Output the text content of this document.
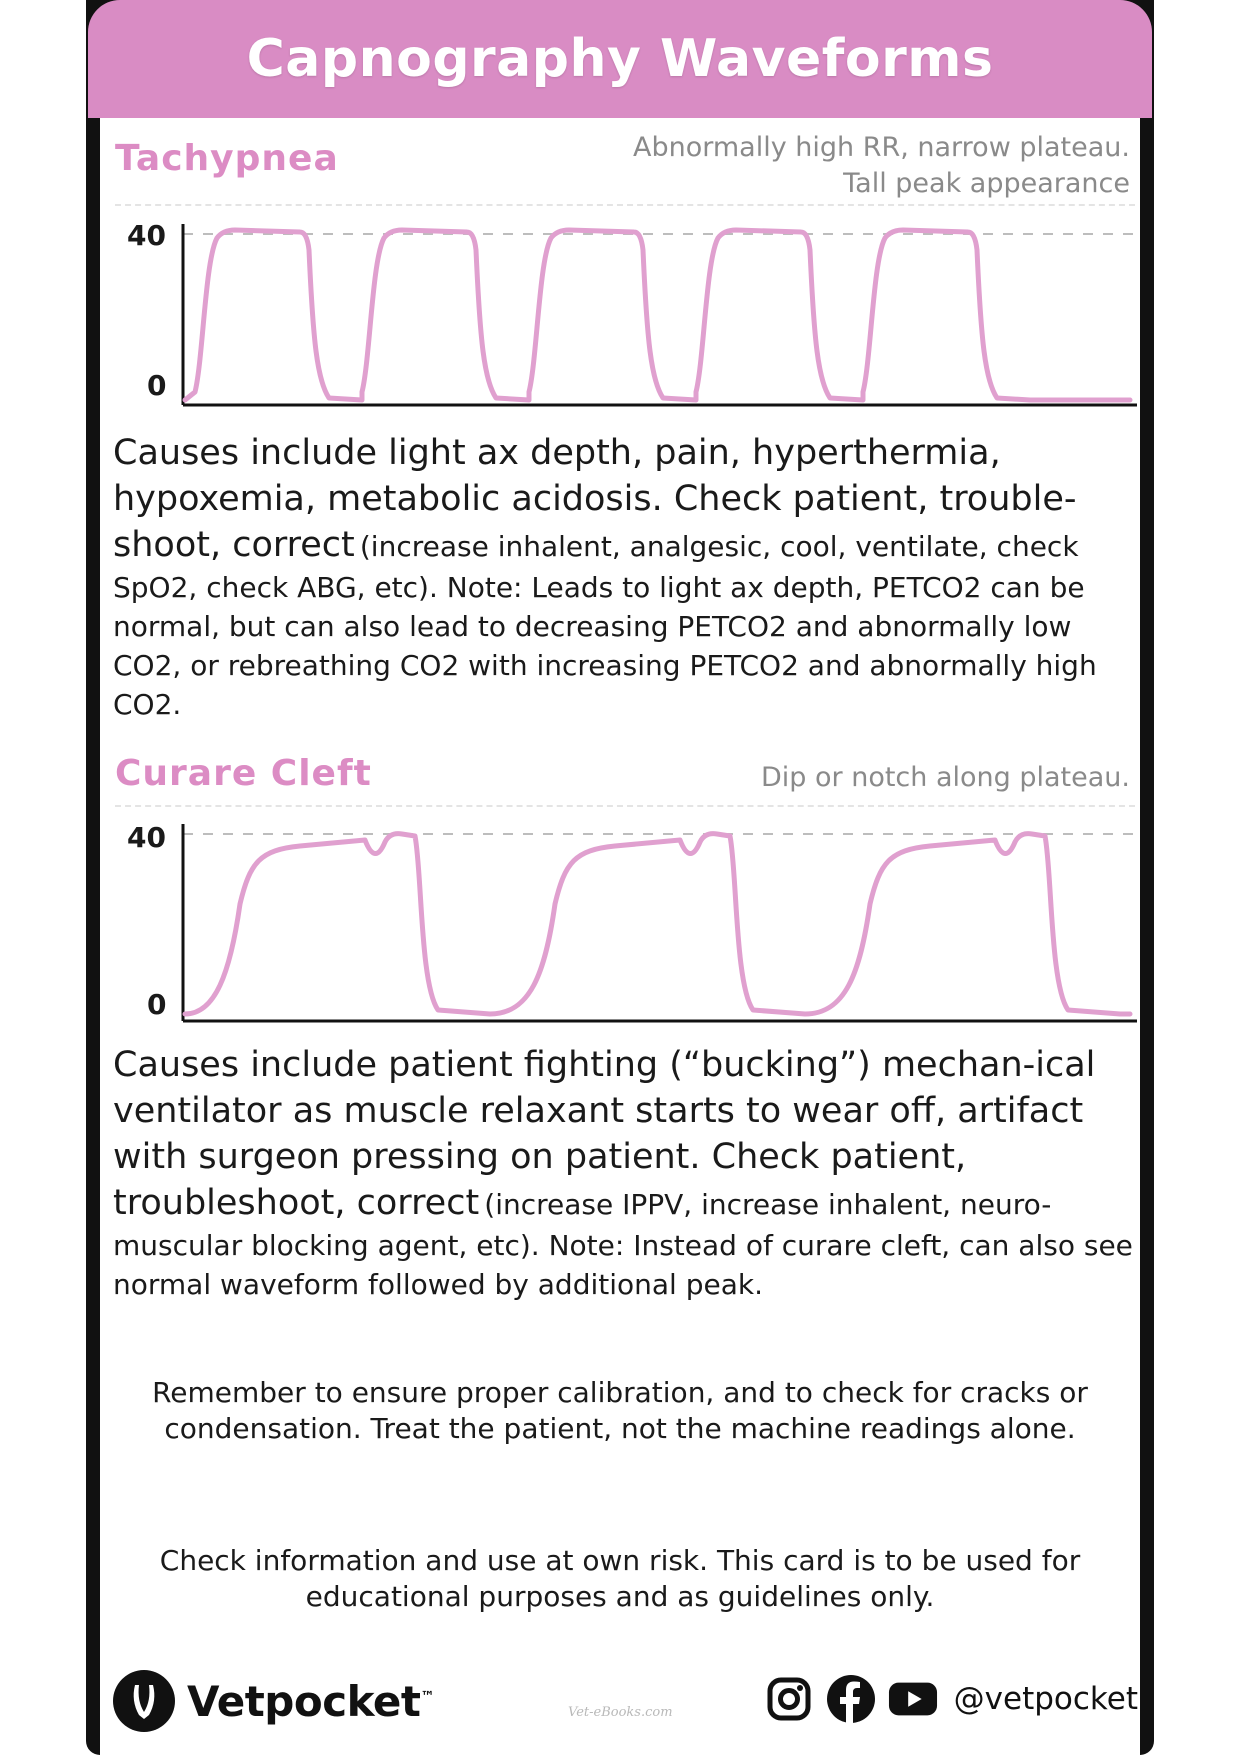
Capnography Waveforms
Tachypnea	Abnormally high RR, narrow plateau.
Tall peak appearance
40
0
Causes include light ax depth, pain, hyperthermia, hypoxemia, metabolic acidosis. Check patient, trouble-shoot, correct (increase inhalent, analgesic, cool, ventilate, check SpO2, check ABG, etc). Note: Leads to light ax depth, PETCO2 can be normal, but can also lead to decreasing PETCO2 and abnormally low CO2, or rebreathing CO2 with increasing PETCO2 and abnormally high CO2.
Curare Cleft	Dip or notch along plateau.
40
0
Causes include patient fighting (“bucking”) mechan-ical ventilator as muscle relaxant starts to wear off, artifact with surgeon pressing on patient. Check patient, troubleshoot, correct (increase IPPV, increase inhalent, neuro-muscular blocking agent, etc). Note: Instead of curare cleft, can also see normal waveform followed by additional peak.
Remember to ensure proper calibration, and to check for cracks or condensation. Treat the patient, not the machine readings alone.
Check information and use at own risk. This card is to be used for educational purposes and as guidelines only.
Vetpocket™
Vet-eBooks.com	@vetpocket
